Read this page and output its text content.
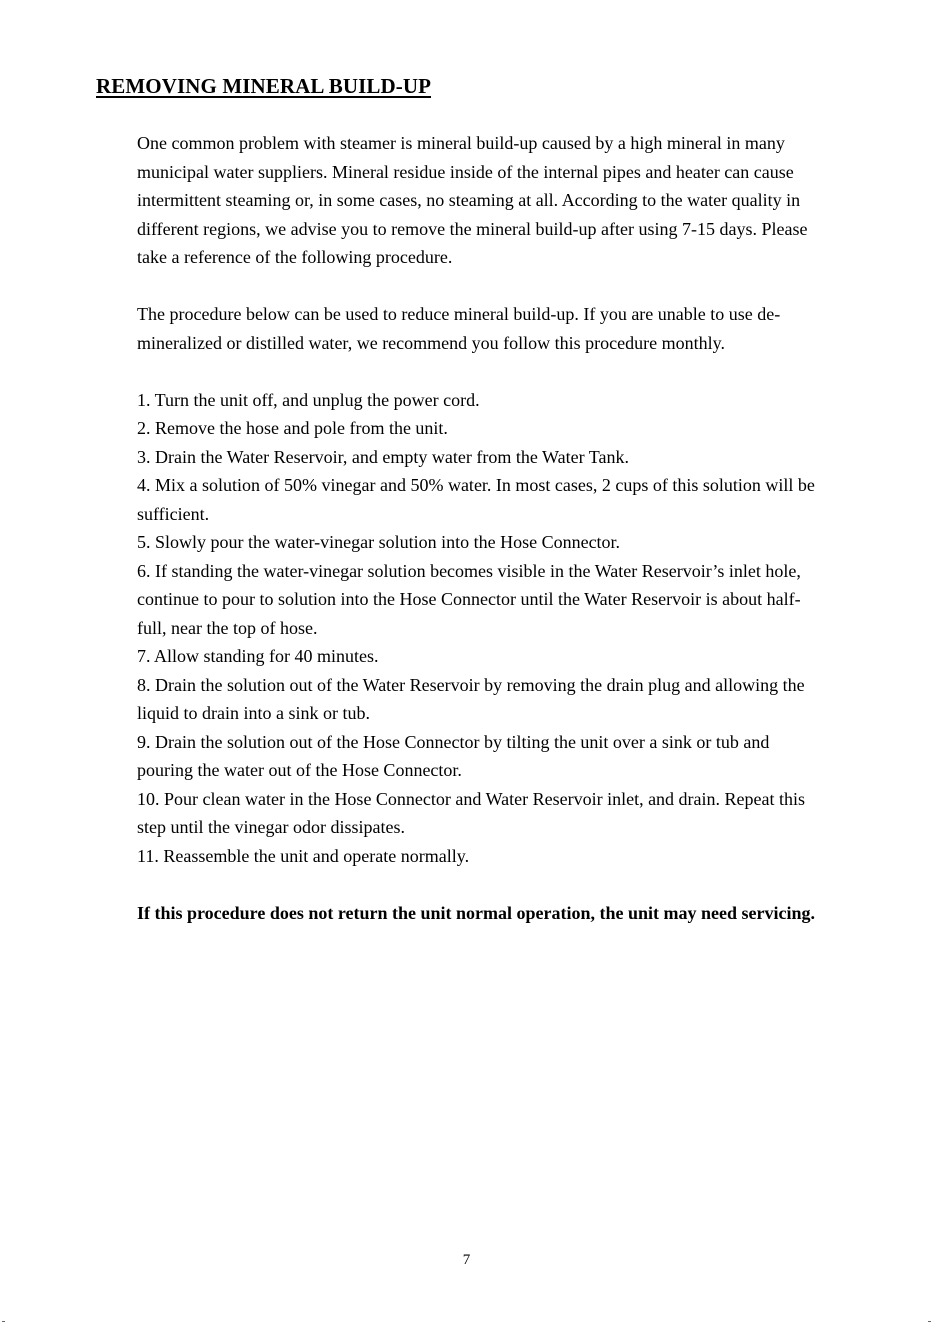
REMOVING MINERAL BUILD-UP

One common problem with steamer is mineral build-up caused by a high mineral in many municipal water suppliers. Mineral residue inside of the internal pipes and heater can cause intermittent steaming or, in some cases, no steaming at all. According to the water quality in different regions, we advise you to remove the mineral build-up after using 7-15 days. Please take a reference of the following procedure.

The procedure below can be used to reduce mineral build-up. If you are unable to use de-mineralized or distilled water, we recommend you follow this procedure monthly.

1. Turn the unit off, and unplug the power cord.
2. Remove the hose and pole from the unit.
3. Drain the Water Reservoir, and empty water from the Water Tank.
4. Mix a solution of 50% vinegar and 50% water. In most cases, 2 cups of this solution will be sufficient.
5. Slowly pour the water-vinegar solution into the Hose Connector.
6. If standing the water-vinegar solution becomes visible in the Water Reservoir’s inlet hole, continue to pour to solution into the Hose Connector until the Water Reservoir is about half-full, near the top of hose.
7. Allow standing for 40 minutes.
8. Drain the solution out of the Water Reservoir by removing the drain plug and allowing the liquid to drain into a sink or tub.
9. Drain the solution out of the Hose Connector by tilting the unit over a sink or tub and pouring the water out of the Hose Connector.
10. Pour clean water in the Hose Connector and Water Reservoir inlet, and drain. Repeat this step until the vinegar odor dissipates.
11. Reassemble the unit and operate normally.

If this procedure does not return the unit normal operation, the unit may need servicing.

7
